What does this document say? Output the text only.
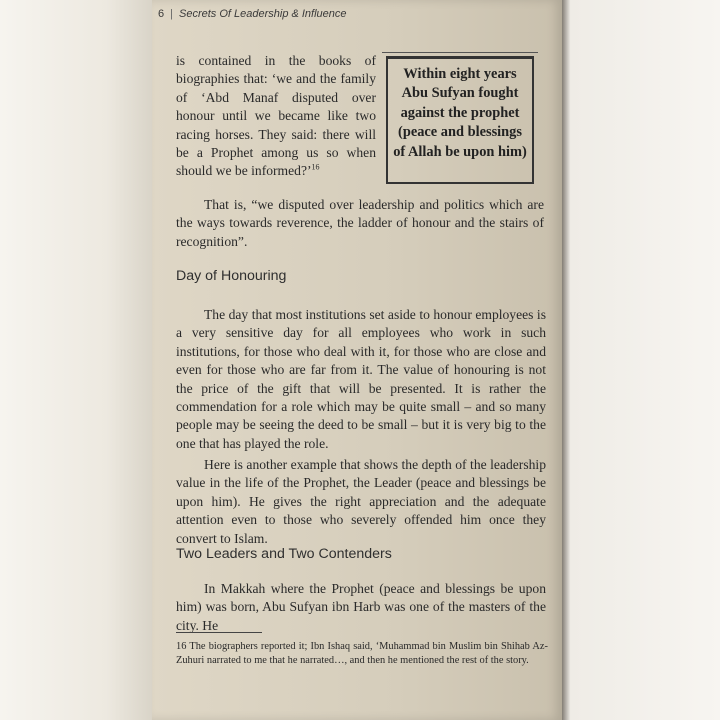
6 | Secrets Of Leadership & Influence
is contained in the books of biographies that: ‘we and the family of ‘Abd Manaf disputed over honour until we became like two racing horses. They said: there will be a Prophet among us so when should we be informed?’$^{16}$
Within eight years Abu Sufyan fought against the prophet (peace and blessings of Allah be upon him)
That is, “we disputed over leadership and politics which are the ways towards reverence, the ladder of honour and the stairs of recognition”.
Day of Honouring
The day that most institutions set aside to honour employees is a very sensitive day for all employees who work in such institutions, for those who deal with it, for those who are close and even for those who are far from it. The value of honouring is not the price of the gift that will be presented. It is rather the commendation for a role which may be quite small – and so many people may be seeing the deed to be small – but it is very big to the one that has played the role.
Here is another example that shows the depth of the leadership value in the life of the Prophet, the Leader (peace and blessings be upon him). He gives the right appreciation and the adequate attention even to those who severely offended him once they convert to Islam.
Two Leaders and Two Contenders
In Makkah where the Prophet (peace and blessings be upon him) was born, Abu Sufyan ibn Harb was one of the masters of the city. He
16 The biographers reported it; Ibn Ishaq said, ‘Muhammad bin Muslim bin Shihab Az-Zuhuri narrated to me that he narrated…, and then he mentioned the rest of the story.
